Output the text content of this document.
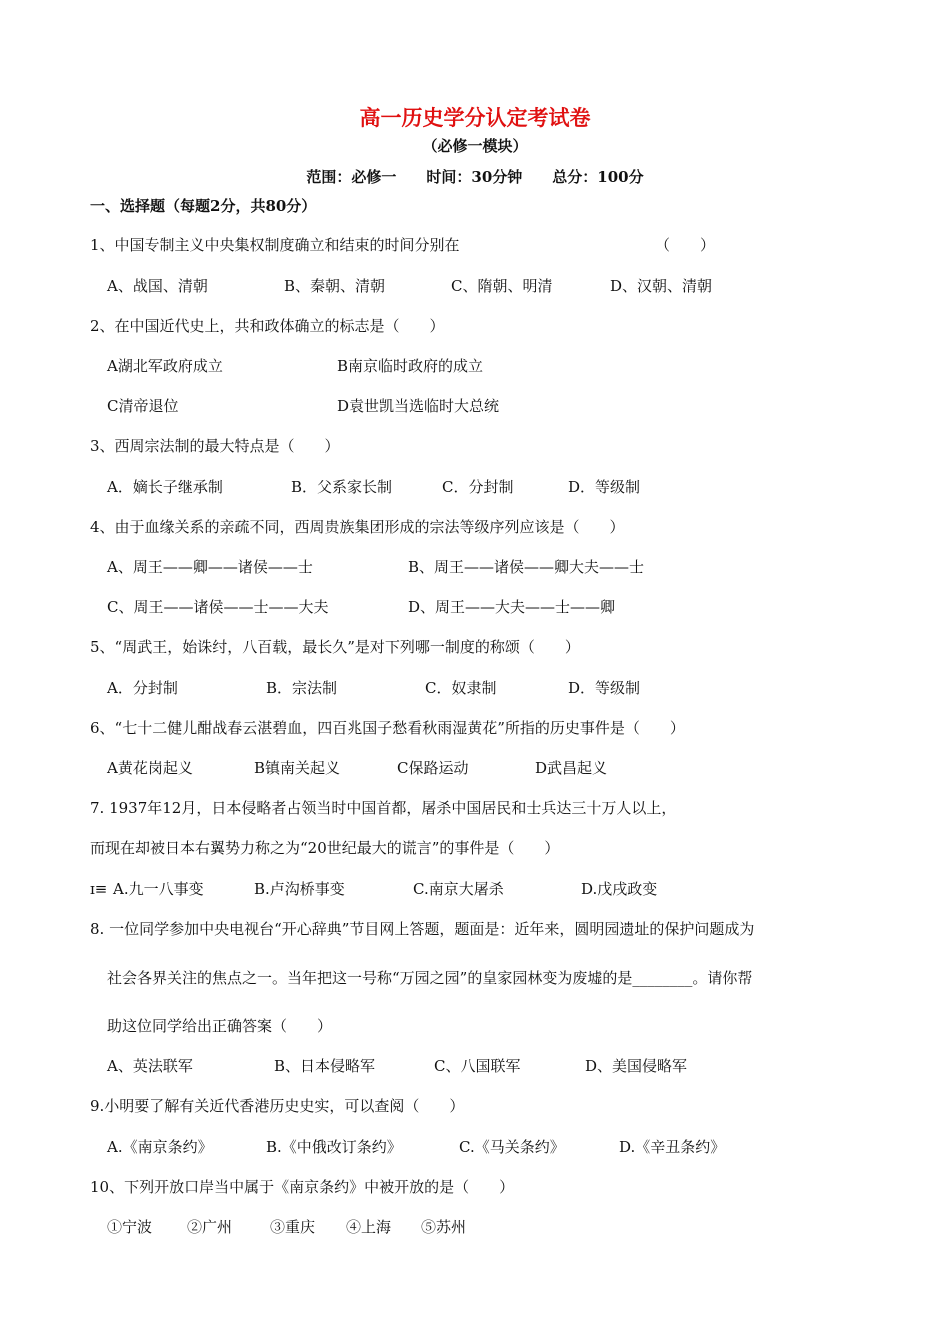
高一历史学分认定考试卷
（必修一模块）
范围：必修一　　时间：30分钟　　总分：100分
一、选择题（每题2分，共80分）
1、中国专制主义中央集权制度确立和结束的时间分别在	（　　）
A、战国、清朝	B、秦朝、清朝	C、隋朝、明清	D、汉朝、清朝
2、在中国近代史上，共和政体确立的标志是（　　）
A湖北军政府成立	B南京临时政府的成立
C清帝退位	D袁世凯当选临时大总统
3、西周宗法制的最大特点是（　　）
A．嫡长子继承制	B．父系家长制	C．分封制	D．等级制
4、由于血缘关系的亲疏不同，西周贵族集团形成的宗法等级序列应该是（　　）
A、周王——卿——诸侯——士	B、周王——诸侯——卿大夫——士
C、周王——诸侯——士——大夫	D、周王——大夫——士——卿
5、“周武王，始诛纣，八百载，最长久”是对下列哪一制度的称颂（　　）
A．分封制	B．宗法制	C．奴隶制	D．等级制
6、“七十二健儿酣战春云湛碧血，四百兆国子愁看秋雨湿黄花”所指的历史事件是（　　）
A黄花岗起义	B镇南关起义	C保路运动	D武昌起义
7. 1937年12月，日本侵略者占领当时中国首都，屠杀中国居民和士兵达三十万人以上，
而现在却被日本右翼势力称之为“20世纪最大的谎言”的事件是（　　）
ɪ≡ A.九一八事变	B.卢沟桥事变	C.南京大屠杀	D.戊戌政变
8. 一位同学参加中央电视台“开心辞典”节目网上答题，题面是：近年来，圆明园遗址的保护问题成为
社会各界关注的焦点之一。当年把这一号称“万园之园”的皇家园林变为废墟的是________。请你帮
助这位同学给出正确答案（　　）
A、英法联军	B、日本侵略军	C、八国联军	D、美国侵略军
9.小明要了解有关近代香港历史史实，可以查阅（　　）
A.《南京条约》	B.《中俄改订条约》	C.《马关条约》	D.《辛丑条约》
10、下列开放口岸当中属于《南京条约》中被开放的是（　　）
①宁波 ②广州	③重庆 ④上海 ⑤苏州
